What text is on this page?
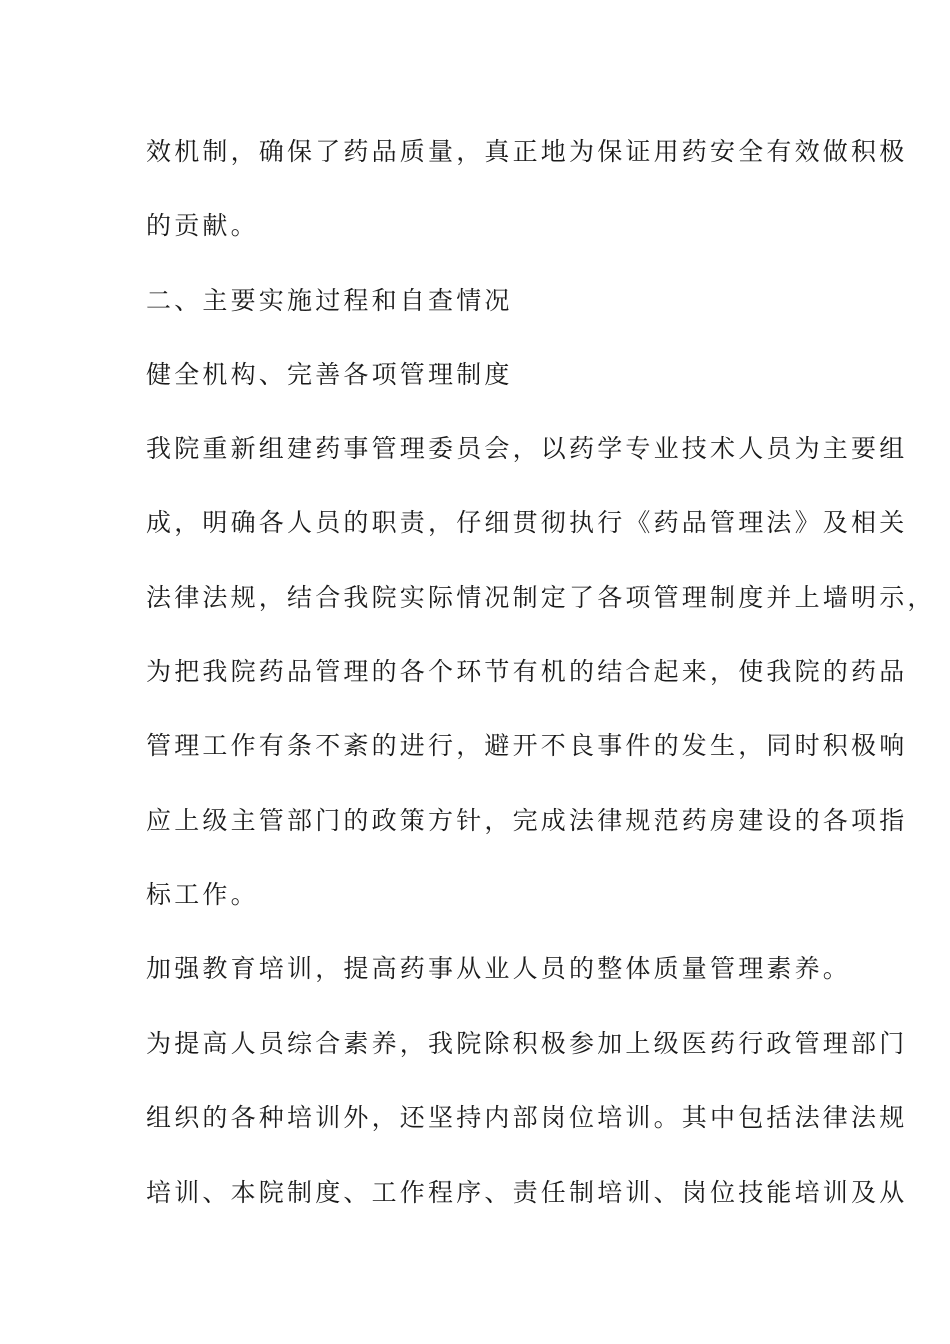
效机制，确保了药品质量，真正地为保证用药安全有效做积极

的贡献。

二、主要实施过程和自查情况

健全机构、完善各项管理制度

我院重新组建药事管理委员会，以药学专业技术人员为主要组

成，明确各人员的职责，仔细贯彻执行《药品管理法》及相关

法律法规，结合我院实际情况制定了各项管理制度并上墙明示，

为把我院药品管理的各个环节有机的结合起来，使我院的药品

管理工作有条不紊的进行，避开不良事件的发生，同时积极响

应上级主管部门的政策方针，完成法律规范药房建设的各项指

标工作。

加强教育培训，提高药事从业人员的整体质量管理素养。

为提高人员综合素养，我院除积极参加上级医药行政管理部门

组织的各种培训外，还坚持内部岗位培训。其中包括法律法规

培训、本院制度、工作程序、责任制培训、岗位技能培训及从
